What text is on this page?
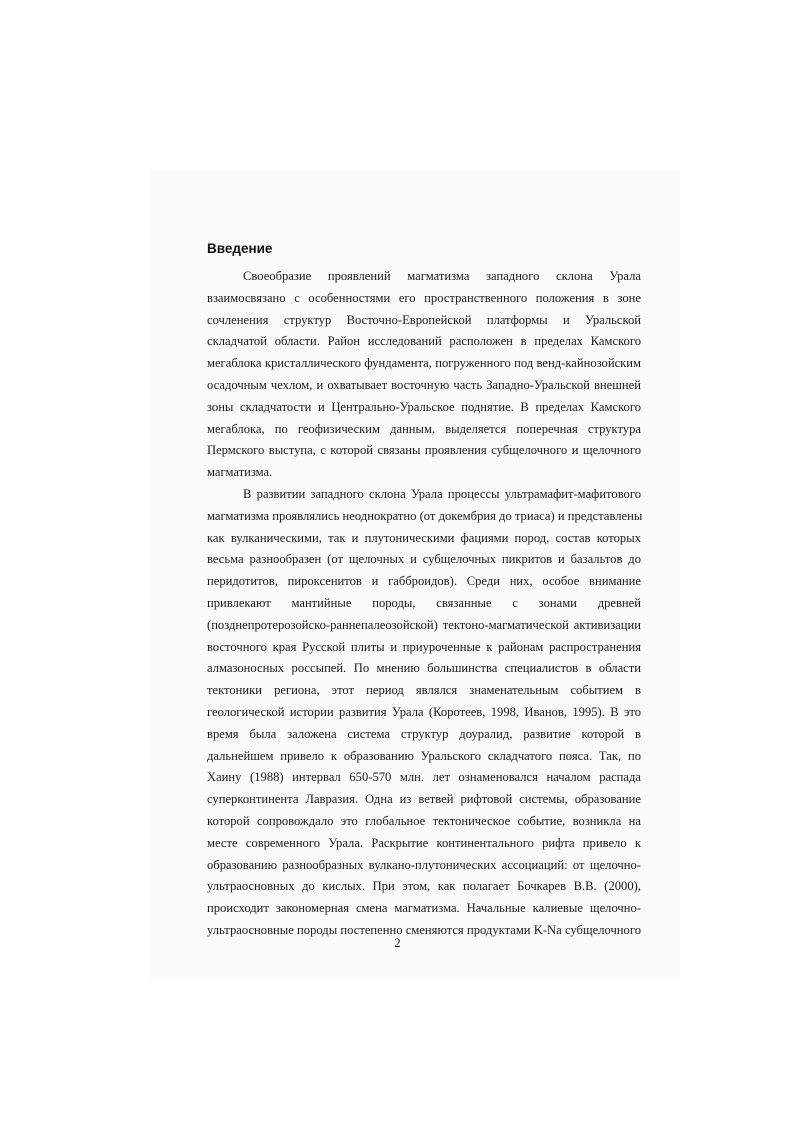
Введение
Своеобразие проявлений магматизма западного склона Урала
взаимосвязано с особенностями его пространственного положения в зоне
сочленения структур Восточно-Европейской платформы и Уральской
складчатой области. Район исследований расположен в пределах Камского
мегаблока кристаллического фундамента, погруженного под венд-кайнозойским
осадочным чехлом, и охватывает восточную часть Западно-Уральской внешней
зоны складчатости и Центрально-Уральское поднятие. В пределах Камского
мегаблока, по геофизическим данным, выделяется поперечная структура
Пермского выступа, с которой связаны проявления субщелочного и щелочного
магматизма.
В развитии западного склона Урала процессы ультрамафит-мафитового
магматизма проявлялись неоднократно (от докембрия до триаса) и представлены
как вулканическими, так и плутоническими фациями пород, состав которых
весьма разнообразен (от щелочных и субщелочных пикритов и базальтов до
перидотитов, пироксенитов и габброидов). Среди них, особое внимание
привлекают мантийные породы, связанные с зонами древней
(позднепротерозойско-раннепалеозойской) тектоно-магматической активизации
восточного края Русской плиты и приуроченные к районам распространения
алмазоносных россыпей. По мнению большинства специалистов в области
тектоники региона, этот период являлся знаменательным событием в
геологической истории развития Урала (Коротеев, 1998, Иванов, 1995). В это
время была заложена система структур доуралид, развитие которой в
дальнейшем привело к образованию Уральского складчатого пояса. Так, по
Хаину (1988) интервал 650-570 млн. лет ознаменовался началом распада
суперконтинента Лавразия. Одна из ветвей рифтовой системы, образование
которой сопровождало это глобальное тектоническое событие, возникла на
месте современного Урала. Раскрытие континентального рифта привело к
образованию разнообразных вулкано-плутонических ассоциаций: от щелочно-
ультраосновных до кислых. При этом, как полагает Бочкарев В.В. (2000),
происходит закономерная смена магматизма. Начальные калиевые щелочно-
ультраосновные породы постепенно сменяются продуктами K-Na субщелочного
2
